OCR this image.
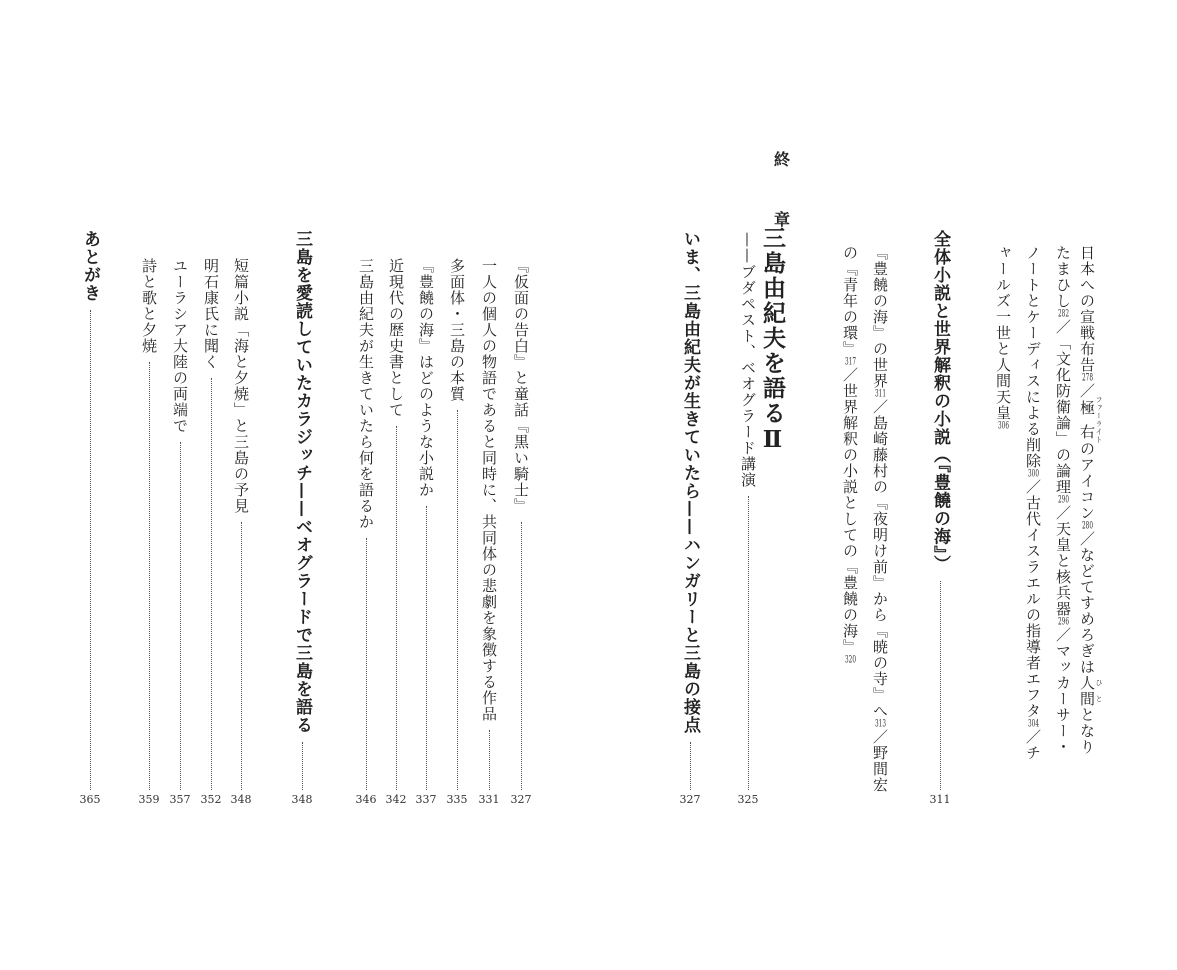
日本への宣戦布告278／極右 ファーライトのアイコン280／などてすめろぎは人間 ひととなり
たまひし282／「文化防衛論」の論理290／天皇と核兵器296／マッカーサー・
ノートとケーディスによる削除300／古代イスラエルの指導者エフタ304／チ
ャールズ一世と人間天皇306
全体小説と世界解釈の小説（『豊饒の海』）
311
『豊饒の海』の世界311／島崎藤村の『夜明け前』から『暁の寺』へ313／野間宏
の『青年の環』317／世界解釈の小説としての『豊饒の海』320
終
章
三島由紀夫を語るⅡ
——ブダペスト、ベオグラード講演
325
いま、三島由紀夫が生きていたら——ハンガリーと三島の接点
327
『仮面の告白』と童話『黒い騎士』
327
一人の個人の物語であると同時に、共同体の悲劇を象徴する作品
331
多面体・三島の本質
335
『豊饒の海』はどのような小説か
337
近現代の歴史書として
342
三島由紀夫が生きていたら何を語るか
346
三島を愛読していたカラジッチ——ベオグラードで三島を語る
348
短篇小説「海と夕焼」と三島の予見
348
明石康氏に聞く
352
ユーラシア大陸の両端で
357
詩と歌と夕焼
359
あとがき
365
